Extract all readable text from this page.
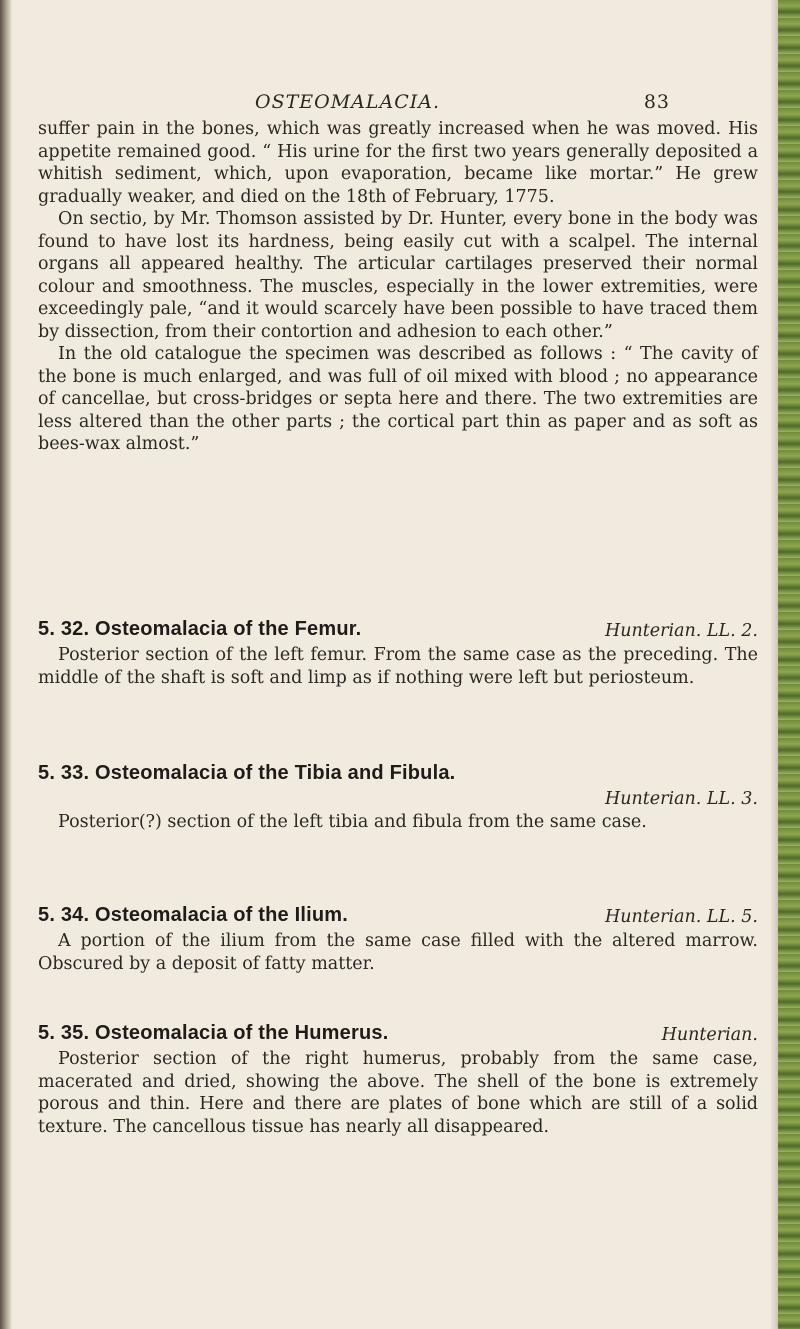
OSTEOMALACIA.	83

suffer pain in the bones, which was greatly increased when he was moved. His appetite remained good. “ His urine for the first two years generally deposited a whitish sediment, which, upon evaporation, became like mortar.” He grew gradually weaker, and died on the 18th of February, 1775.

On sectio, by Mr. Thomson assisted by Dr. Hunter, every bone in the body was found to have lost its hardness, being easily cut with a scalpel. The internal organs all appeared healthy. The articular cartilages preserved their normal colour and smoothness. The muscles, especially in the lower extremities, were exceedingly pale, “and it would scarcely have been possible to have traced them by dissection, from their contortion and adhesion to each other.”

In the old catalogue the specimen was described as follows : “ The cavity of the bone is much enlarged, and was full of oil mixed with blood ; no appearance of cancellae, but cross-bridges or septa here and there. The two extremities are less altered than the other parts ; the cortical part thin as paper and as soft as bees-wax almost.”

5. 32. Osteomalacia of the Femur.	Hunterian. LL. 2.

Posterior section of the left femur. From the same case as the preceding. The middle of the shaft is soft and limp as if nothing were left but periosteum.

5. 33. Osteomalacia of the Tibia and Fibula.
Hunterian. LL. 3.

Posterior(?) section of the left tibia and fibula from the same case.

5. 34. Osteomalacia of the Ilium.	Hunterian. LL. 5.

A portion of the ilium from the same case filled with the altered marrow. Obscured by a deposit of fatty matter.

5. 35. Osteomalacia of the Humerus.	Hunterian.

Posterior section of the right humerus, probably from the same case, macerated and dried, showing the above. The shell of the bone is extremely porous and thin. Here and there are plates of bone which are still of a solid texture. The cancellous tissue has nearly all disappeared.
